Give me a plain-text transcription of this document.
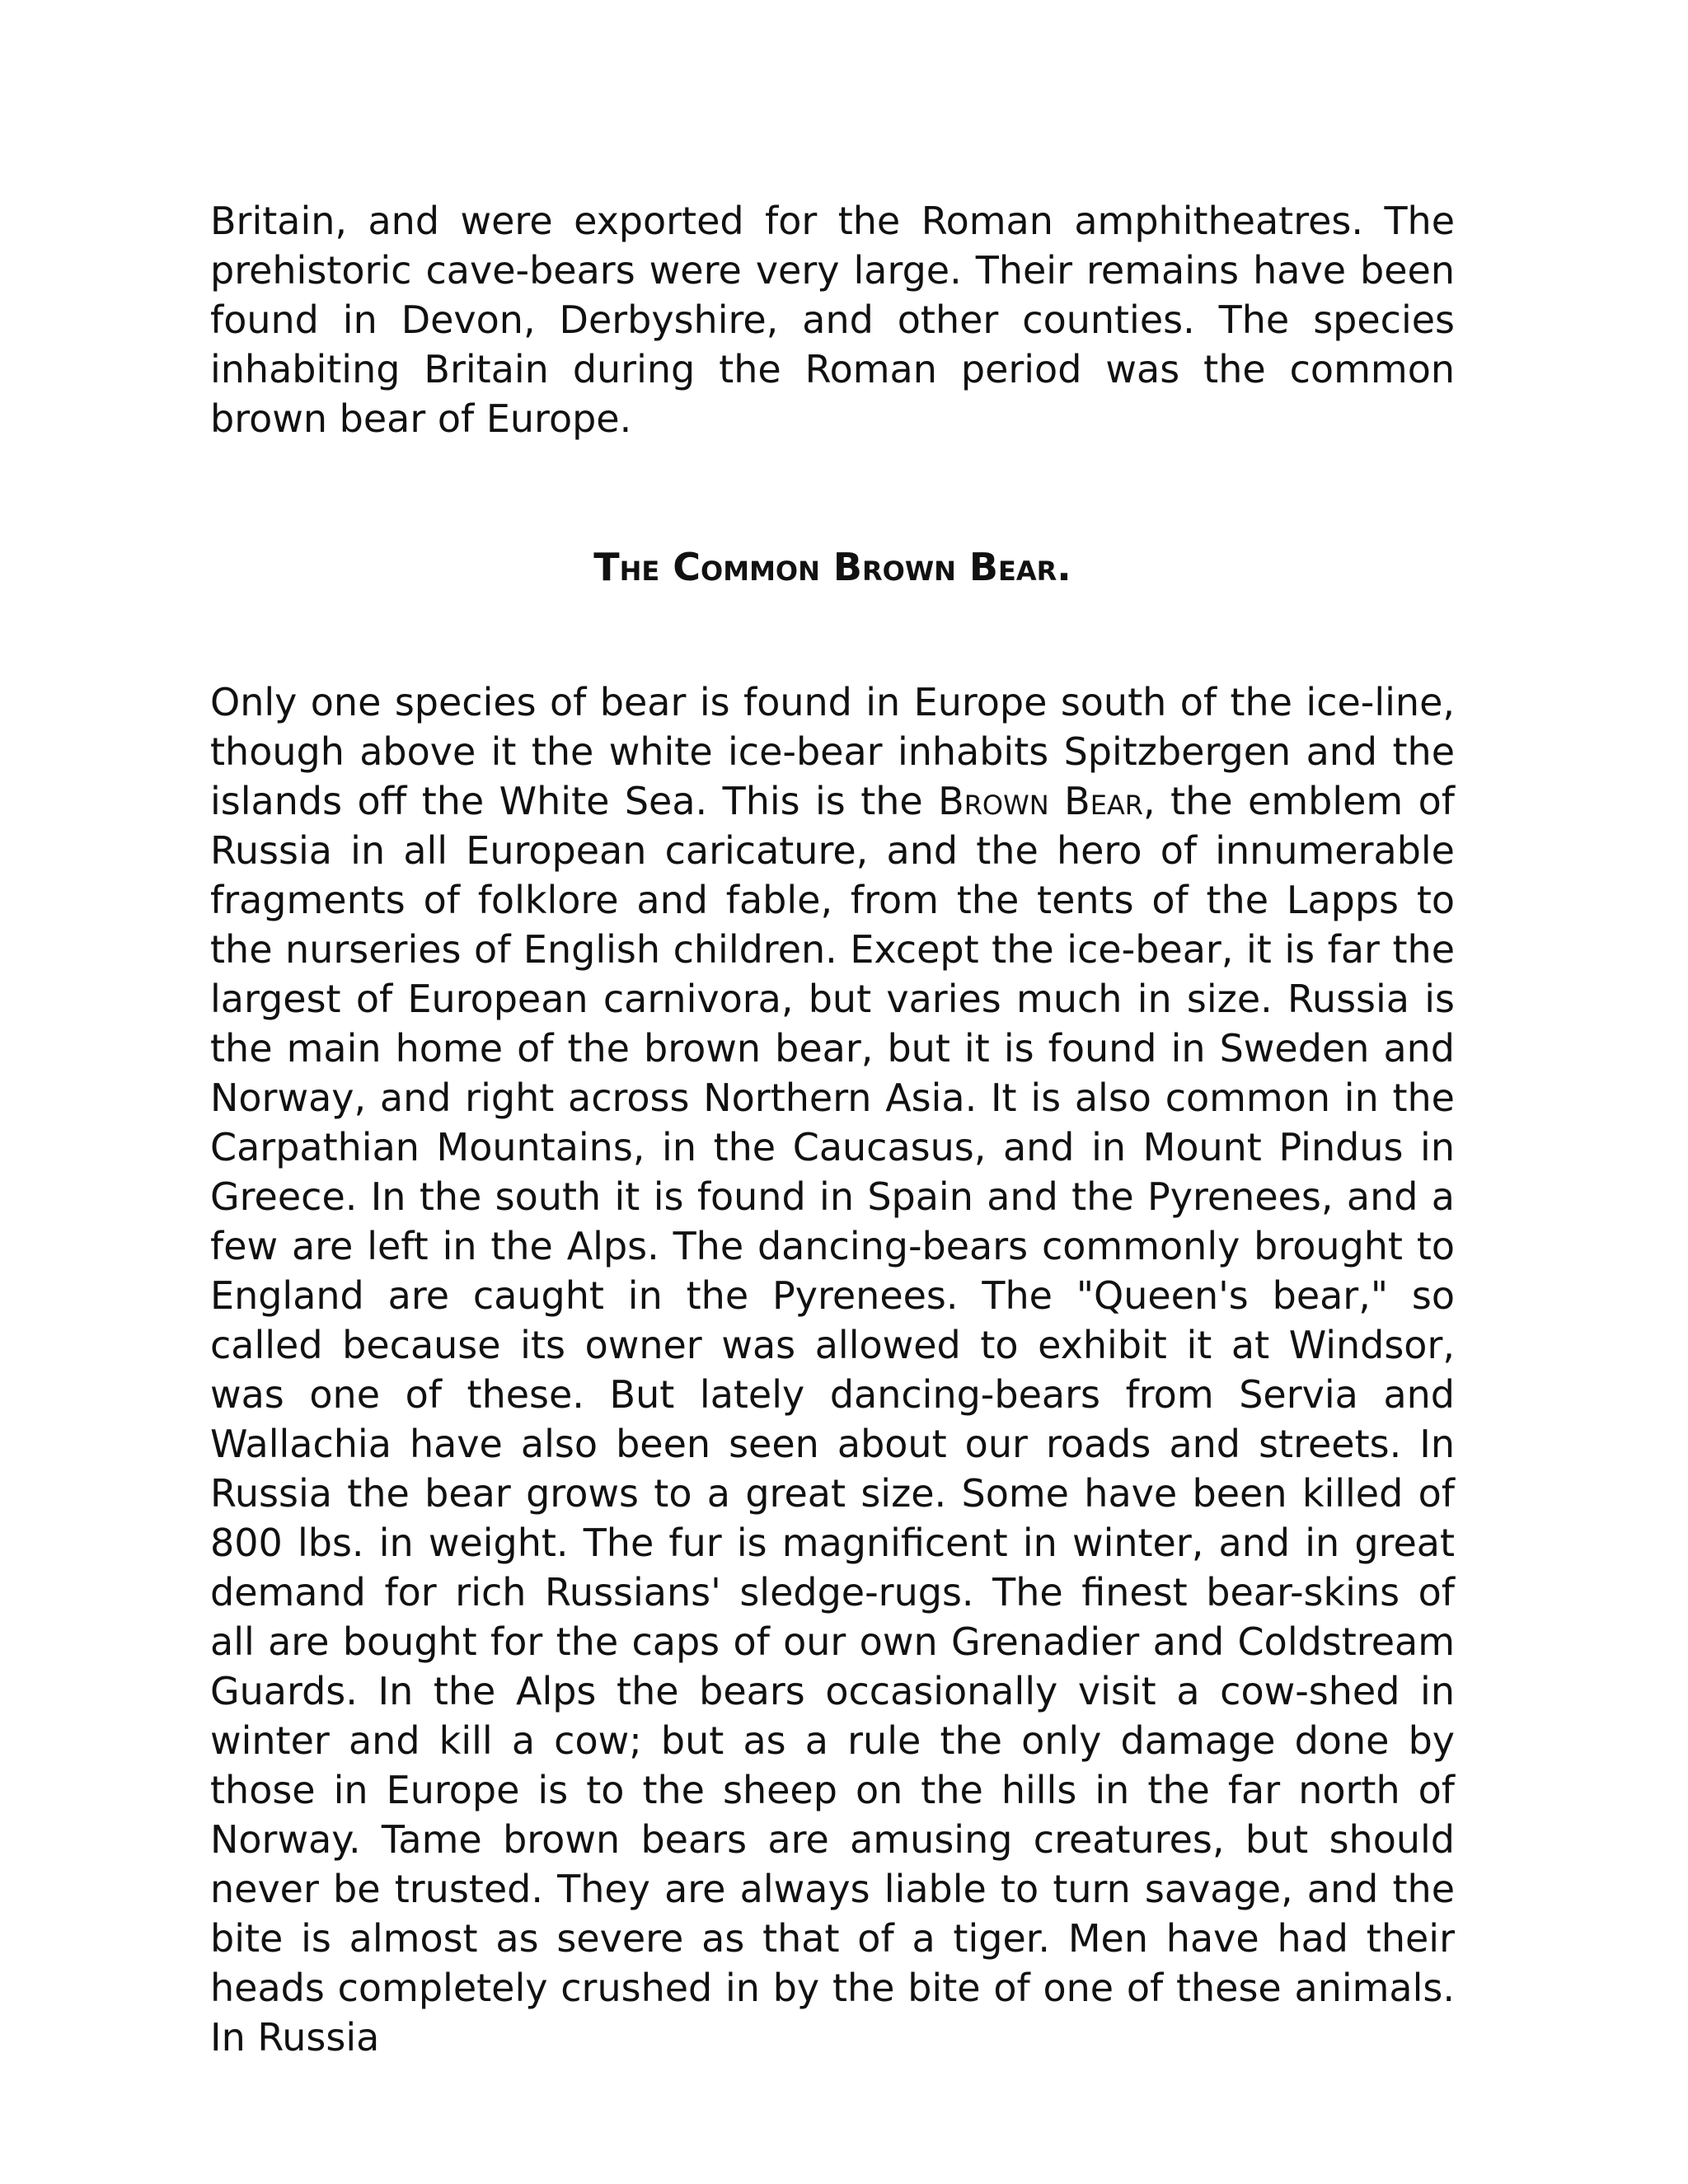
Britain, and were exported for the Roman amphitheatres. The prehistoric cave-bears were very large. Their remains have been found in Devon, Derbyshire, and other counties. The species inhabiting Britain during the Roman period was the common brown bear of Europe.

The Common Brown Bear.

Only one species of bear is found in Europe south of the ice-line, though above it the white ice-bear inhabits Spitzbergen and the islands off the White Sea. This is the Brown Bear, the emblem of Russia in all European caricature, and the hero of innumerable fragments of folklore and fable, from the tents of the Lapps to the nurseries of English children. Except the ice-bear, it is far the largest of European carnivora, but varies much in size. Russia is the main home of the brown bear, but it is found in Sweden and Norway, and right across Northern Asia. It is also common in the Carpathian Mountains, in the Caucasus, and in Mount Pindus in Greece. In the south it is found in Spain and the Pyrenees, and a few are left in the Alps. The dancing-bears commonly brought to England are caught in the Pyrenees. The "Queen's bear," so called because its owner was allowed to exhibit it at Windsor, was one of these. But lately dancing-bears from Servia and Wallachia have also been seen about our roads and streets. In Russia the bear grows to a great size. Some have been killed of 800 lbs. in weight. The fur is magnificent in winter, and in great demand for rich Russians' sledge-rugs. The finest bear-skins of all are bought for the caps of our own Grenadier and Coldstream Guards. In the Alps the bears occasionally visit a cow-shed in winter and kill a cow; but as a rule the only damage done by those in Europe is to the sheep on the hills in the far north of Norway. Tame brown bears are amusing creatures, but should never be trusted. They are always liable to turn savage, and the bite is almost as severe as that of a tiger. Men have had their heads completely crushed in by the bite of one of these animals. In Russia
